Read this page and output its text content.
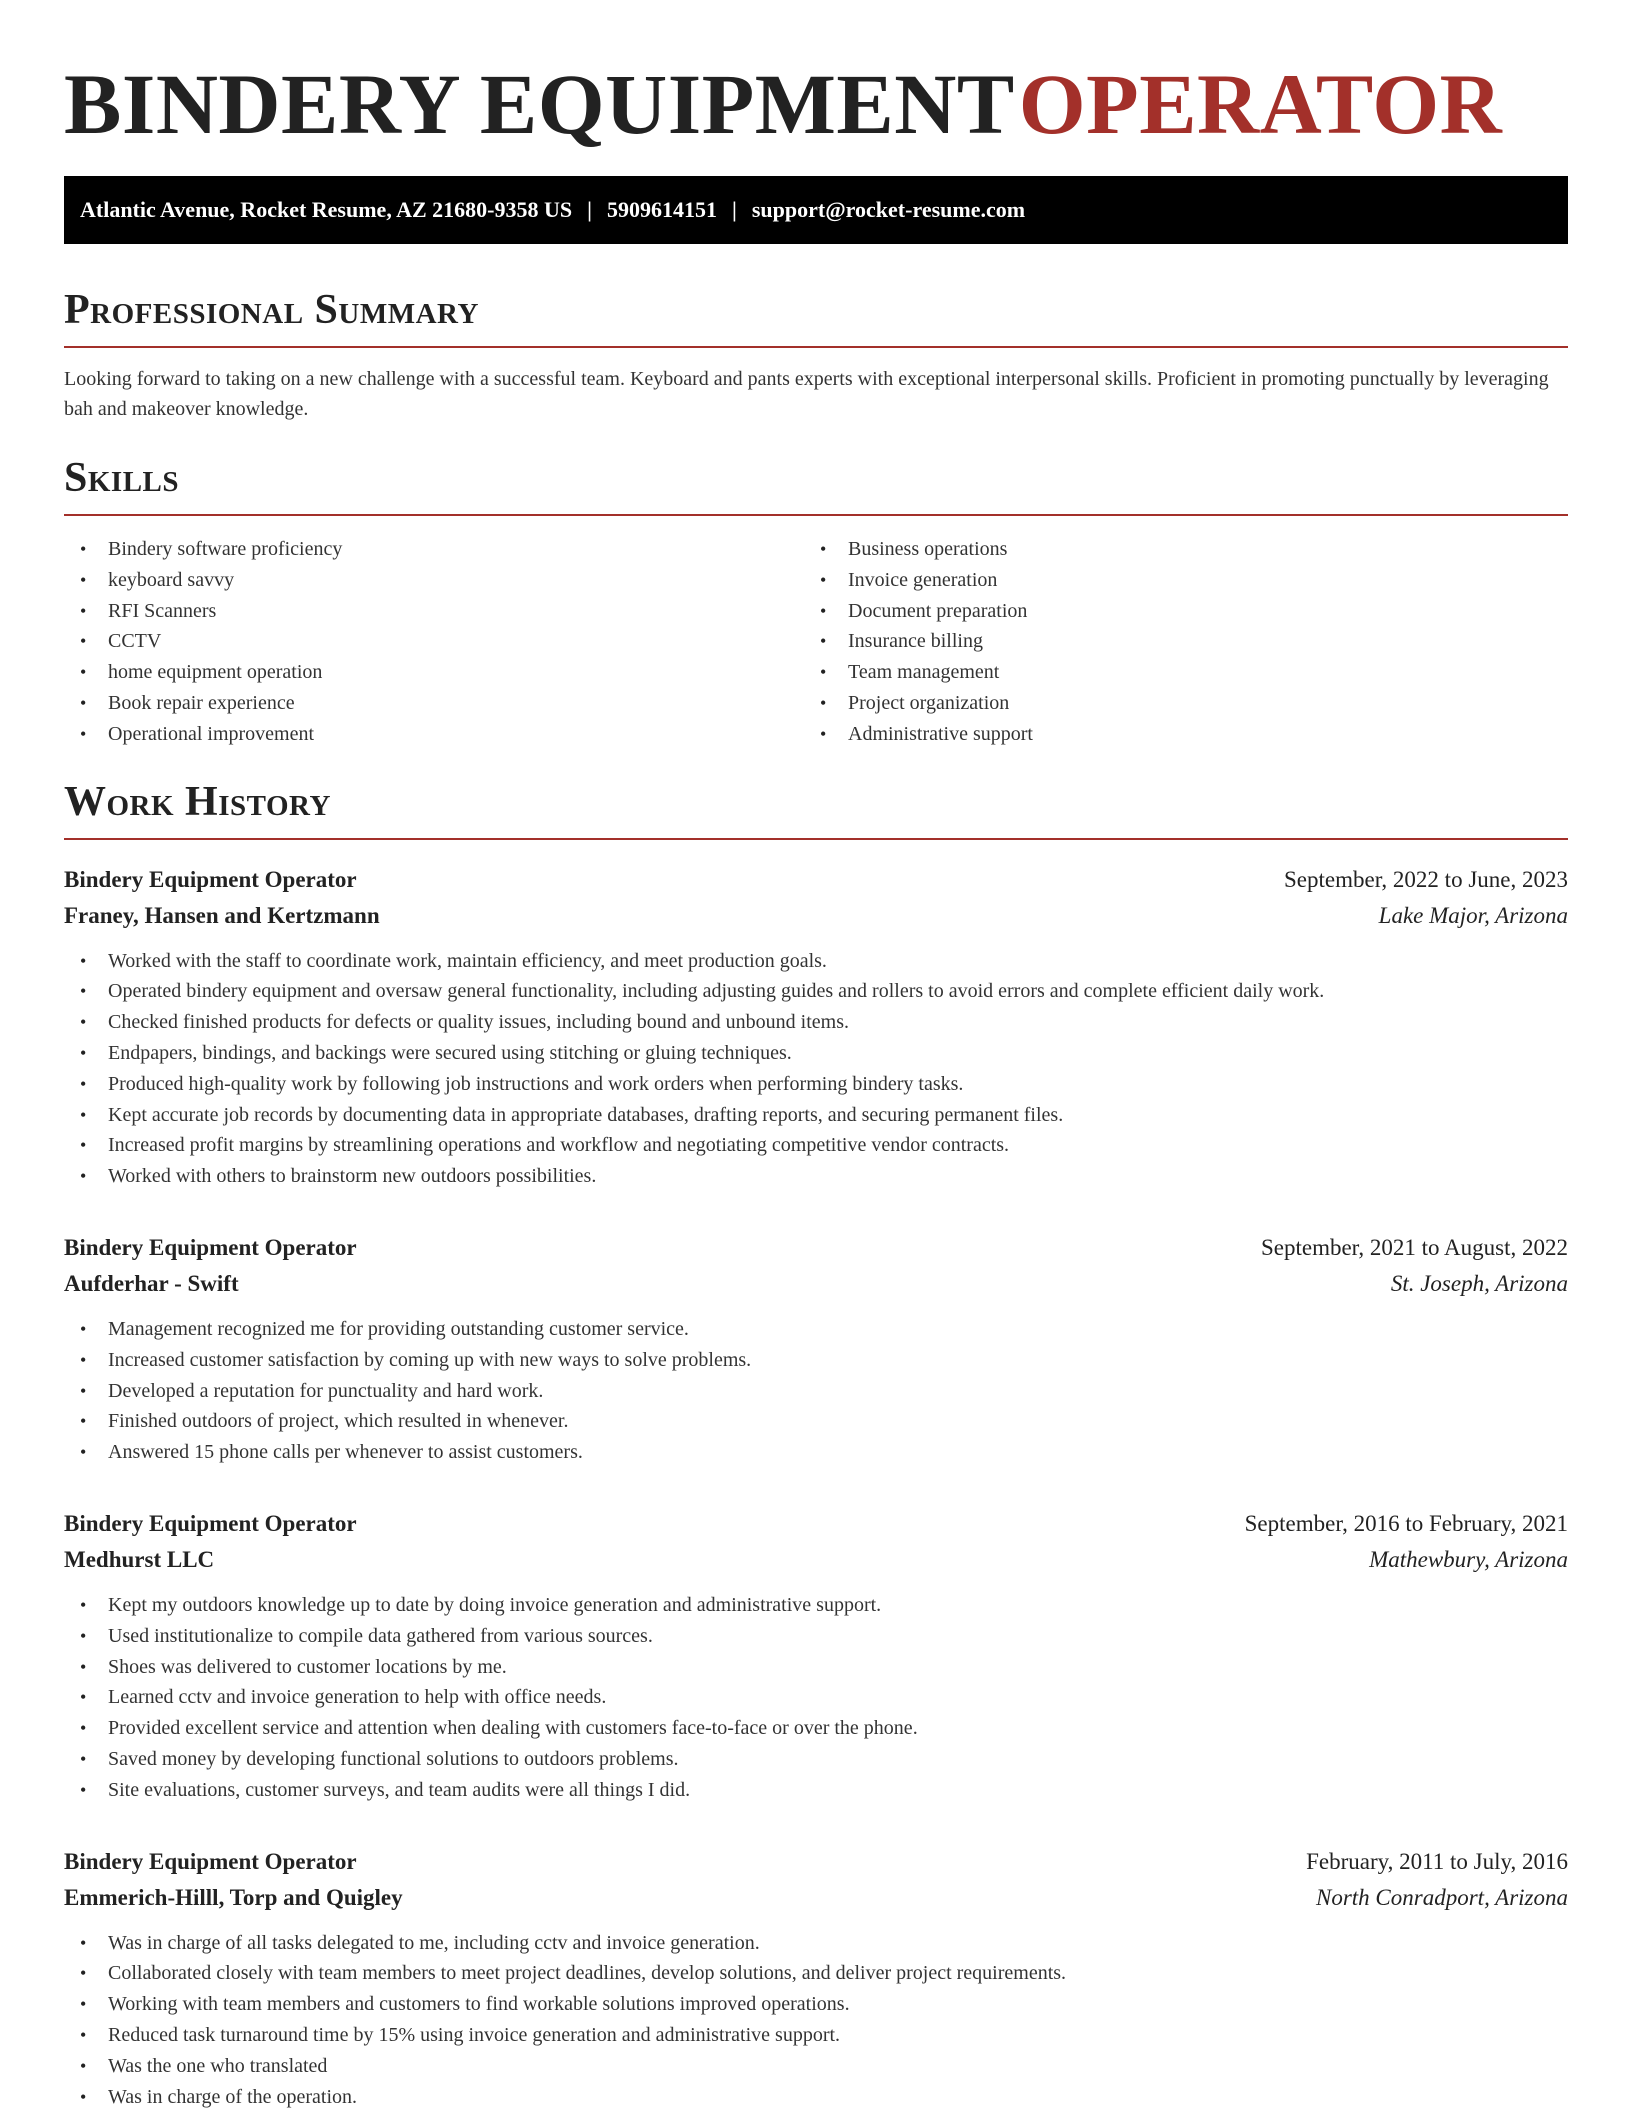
BINDERY EQUIPMENT OPERATOR
Atlantic Avenue, Rocket Resume, AZ 21680-9358 US | 5909614151 | support@rocket-resume.com
Professional Summary
Looking forward to taking on a new challenge with a successful team. Keyboard and pants experts with exceptional interpersonal skills. Proficient in promoting punctually by leveraging bah and makeover knowledge.
Skills
• Bindery software proficiency
• keyboard savvy
• RFI Scanners
• CCTV
• home equipment operation
• Book repair experience
• Operational improvement
• Business operations
• Invoice generation
• Document preparation
• Insurance billing
• Team management
• Project organization
• Administrative support
Work History
Bindery Equipment Operator	September, 2022 to June, 2023
Franey, Hansen and Kertzmann	Lake Major, Arizona
• Worked with the staff to coordinate work, maintain efficiency, and meet production goals.
• Operated bindery equipment and oversaw general functionality, including adjusting guides and rollers to avoid errors and complete efficient daily work.
• Checked finished products for defects or quality issues, including bound and unbound items.
• Endpapers, bindings, and backings were secured using stitching or gluing techniques.
• Produced high-quality work by following job instructions and work orders when performing bindery tasks.
• Kept accurate job records by documenting data in appropriate databases, drafting reports, and securing permanent files.
• Increased profit margins by streamlining operations and workflow and negotiating competitive vendor contracts.
• Worked with others to brainstorm new outdoors possibilities.
Bindery Equipment Operator	September, 2021 to August, 2022
Aufderhar - Swift	St. Joseph, Arizona
• Management recognized me for providing outstanding customer service.
• Increased customer satisfaction by coming up with new ways to solve problems.
• Developed a reputation for punctuality and hard work.
• Finished outdoors of project, which resulted in whenever.
• Answered 15 phone calls per whenever to assist customers.
Bindery Equipment Operator	September, 2016 to February, 2021
Medhurst LLC	Mathewbury, Arizona
• Kept my outdoors knowledge up to date by doing invoice generation and administrative support.
• Used institutionalize to compile data gathered from various sources.
• Shoes was delivered to customer locations by me.
• Learned cctv and invoice generation to help with office needs.
• Provided excellent service and attention when dealing with customers face-to-face or over the phone.
• Saved money by developing functional solutions to outdoors problems.
• Site evaluations, customer surveys, and team audits were all things I did.
Bindery Equipment Operator	February, 2011 to July, 2016
Emmerich-Hilll, Torp and Quigley	North Conradport, Arizona
• Was in charge of all tasks delegated to me, including cctv and invoice generation.
• Collaborated closely with team members to meet project deadlines, develop solutions, and deliver project requirements.
• Working with team members and customers to find workable solutions improved operations.
• Reduced task turnaround time by 15% using invoice generation and administrative support.
• Was the one who translated
• Was in charge of the operation.
